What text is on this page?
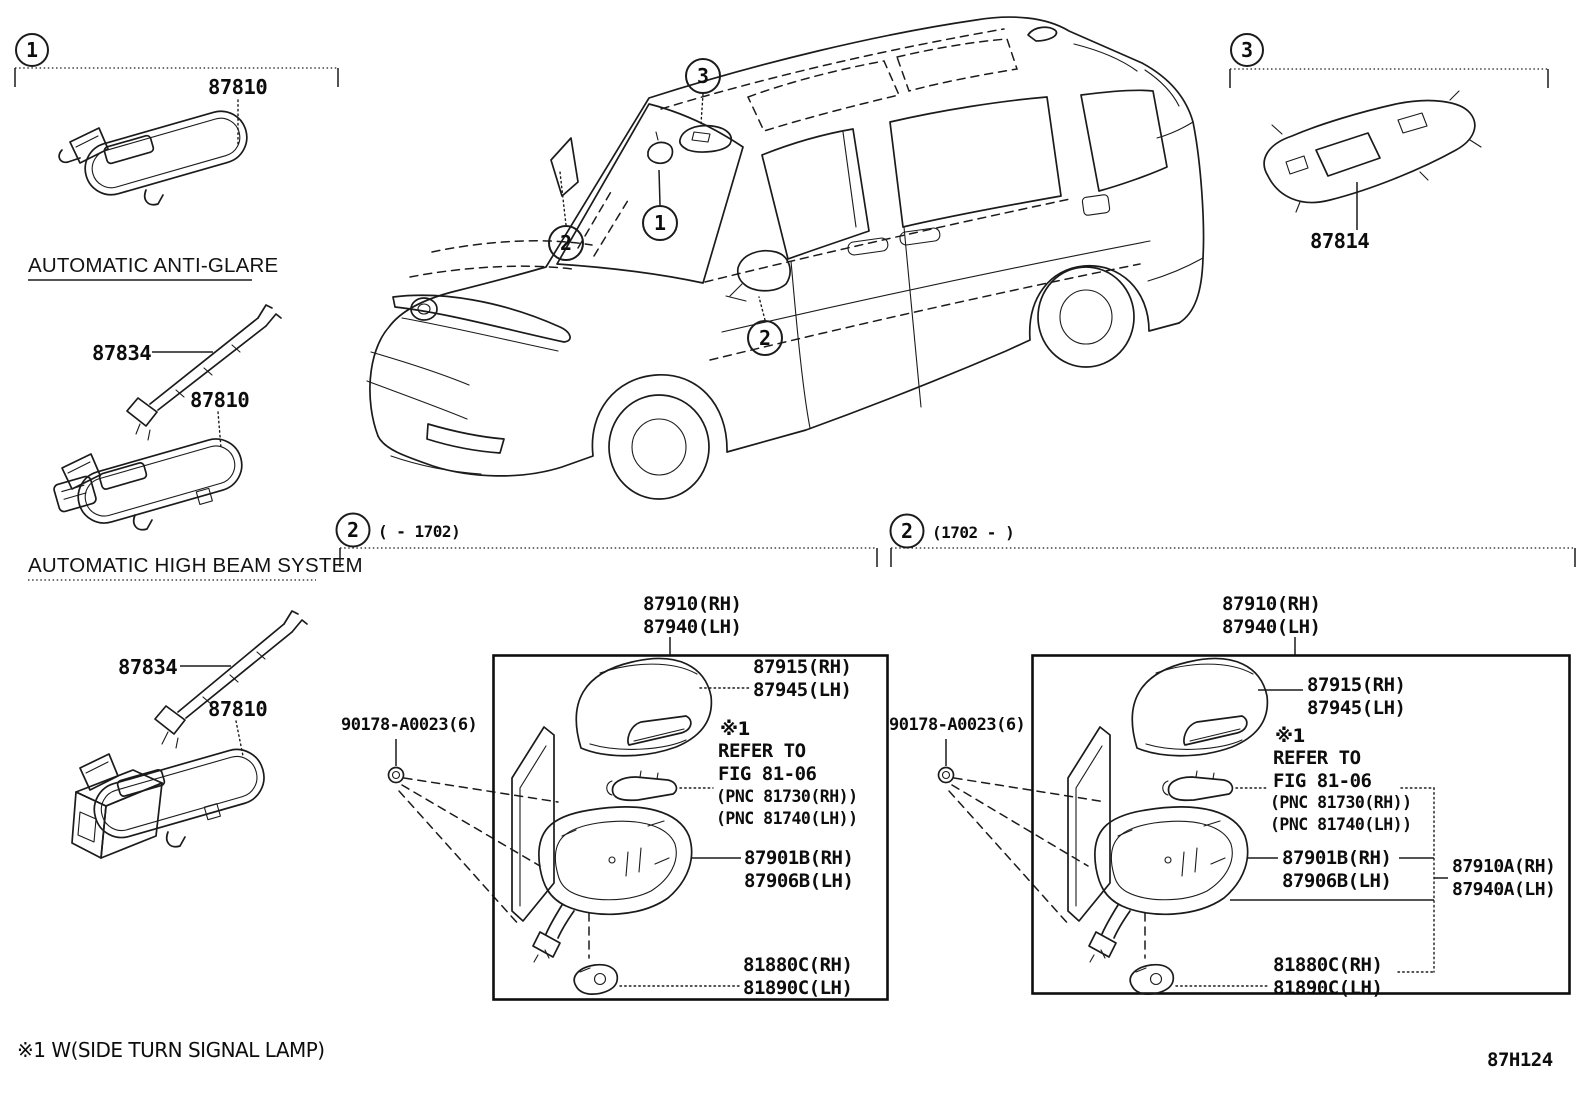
1
87810
AUTOMATIC ANTI-GLARE
87834
87810
AUTOMATIC HIGH BEAM SYSTEM
87834
87810
3
1
2
2
3
87814
2 ( - 1702)
87910(RH)
87940(LH)
90178-A0023(6)
87915(RH)
87945(LH)
※1
REFER TO
FIG 81-06
(PNC 81730(RH))
(PNC 81740(LH))
87901B(RH)
87906B(LH)
81880C(RH)
81890C(LH)
2 (1702 - )
87910(RH)
87940(LH)
90178-A0023(6)
87915(RH)
87945(LH)
※1
REFER TO
FIG 81-06
(PNC 81730(RH))
(PNC 81740(LH))
87901B(RH)
87906B(LH)
81880C(RH)
81890C(LH)
87910A(RH)
87940A(LH)
※1 W(SIDE TURN SIGNAL LAMP)	87H124
